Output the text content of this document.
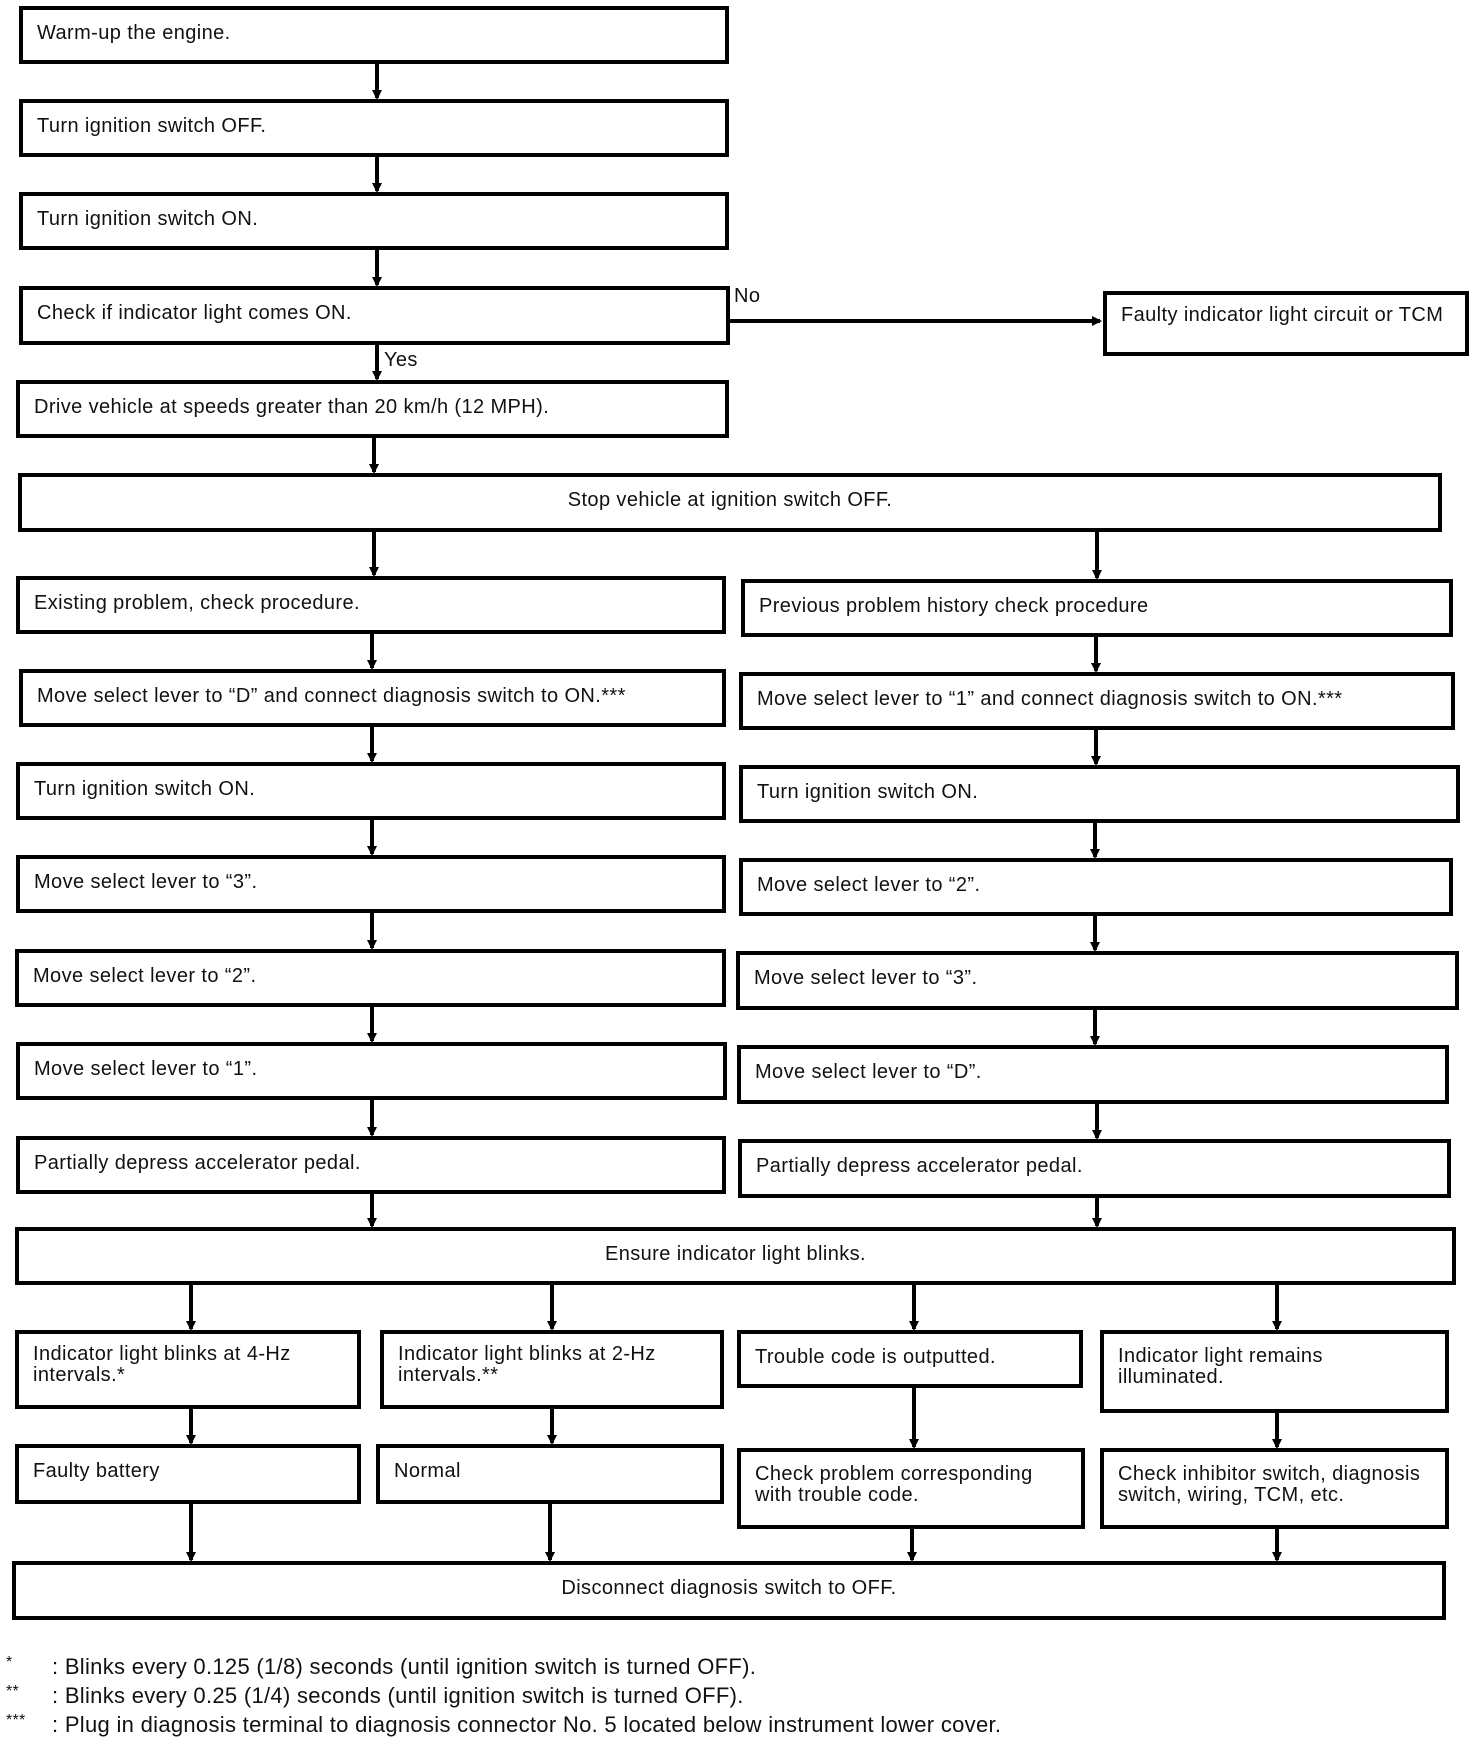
Warm-up the engine.
Turn ignition switch OFF.
Turn ignition switch ON.
Check if indicator light comes ON.
No
Yes
Faulty indicator light circuit or TCM
Drive vehicle at speeds greater than 20 km/h (12 MPH).
Stop vehicle at ignition switch OFF.
Existing problem, check procedure.
Move select lever to “D” and connect diagnosis switch to ON.***
Turn ignition switch ON.
Move select lever to “3”.
Move select lever to “2”.
Move select lever to “1”.
Partially depress accelerator pedal.
Previous problem history check procedure
Move select lever to “1” and connect diagnosis switch to ON.***
Turn ignition switch ON.
Move select lever to “2”.
Move select lever to “3”.
Move select lever to “D”.
Partially depress accelerator pedal.
Ensure indicator light blinks.
Indicator light blinks at 4-Hz intervals.*
Indicator light blinks at 2-Hz intervals.**
Trouble code is outputted.	Indicator light remains illuminated.
Faulty battery	Normal	Check problem corresponding with trouble code.
Check inhibitor switch, diagnosis switch, wiring, TCM, etc.
Disconnect diagnosis switch to OFF.
* : Blinks every 0.125 (1/8) seconds (until ignition switch is turned OFF).
** : Blinks every 0.25 (1/4) seconds (until ignition switch is turned OFF).
*** : Plug in diagnosis terminal to diagnosis connector No. 5 located below instrument lower cover.
